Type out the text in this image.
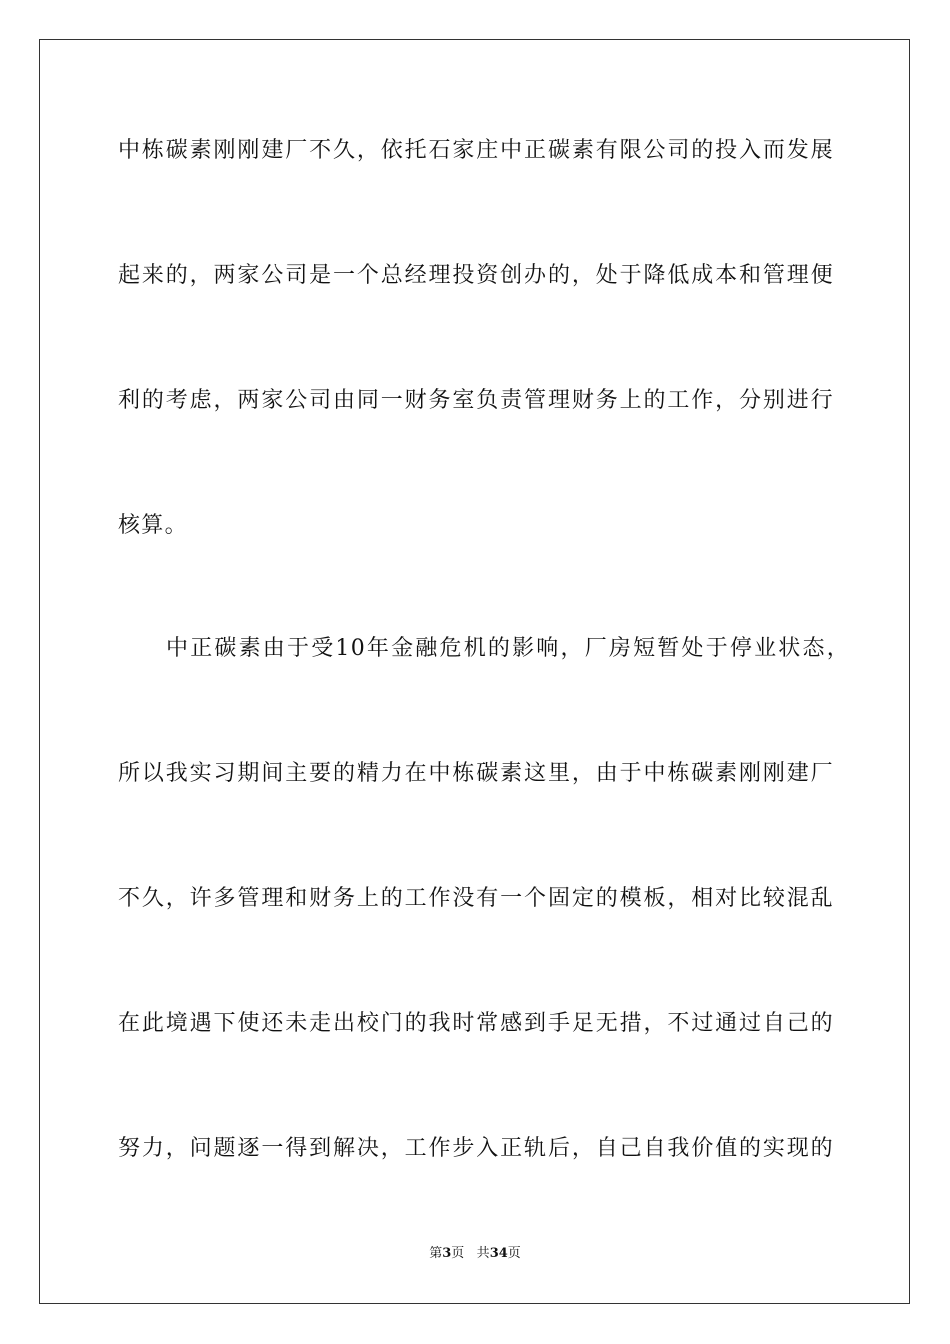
中栋碳素刚刚建厂不久，依托石家庄中正碳素有限公司的投入而发展
起来的，两家公司是一个总经理投资创办的，处于降低成本和管理便
利的考虑，两家公司由同一财务室负责管理财务上的工作，分别进行
核算。
中正碳素由于受10年金融危机的影响，厂房短暂处于停业状态，
所以我实习期间主要的精力在中栋碳素这里，由于中栋碳素刚刚建厂
不久，许多管理和财务上的工作没有一个固定的模板，相对比较混乱
在此境遇下使还未走出校门的我时常感到手足无措，不过通过自己的
努力，问题逐一得到解决，工作步入正轨后，自己自我价值的实现的
第3页 共34页
